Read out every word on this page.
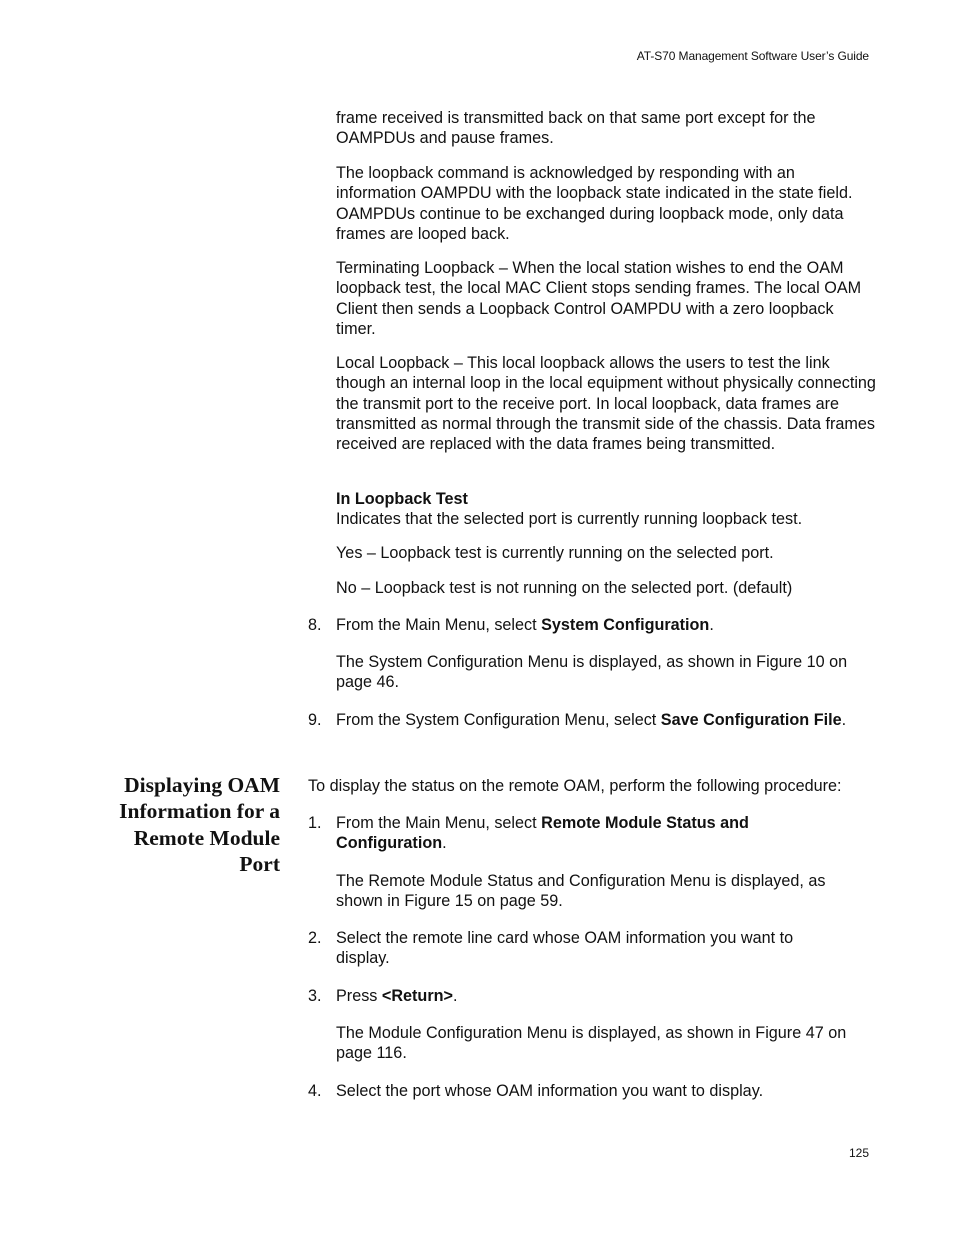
AT-S70 Management Software User’s Guide

frame received is transmitted back on that same port except for the OAMPDUs and pause frames.

The loopback command is acknowledged by responding with an information OAMPDU with the loopback state indicated in the state field. OAMPDUs continue to be exchanged during loopback mode, only data frames are looped back.

Terminating Loopback – When the local station wishes to end the OAM loopback test, the local MAC Client stops sending frames. The local OAM Client then sends a Loopback Control OAMPDU with a zero loopback timer.

Local Loopback – This local loopback allows the users to test the link though an internal loop in the local equipment without physically connecting the transmit port to the receive port. In local loopback, data frames are transmitted as normal through the transmit side of the chassis. Data frames received are replaced with the data frames being transmitted.

In Loopback Test

Indicates that the selected port is currently running loopback test.

Yes – Loopback test is currently running on the selected port.

No – Loopback test is not running on the selected port. (default)

8. From the Main Menu, select System Configuration.

The System Configuration Menu is displayed, as shown in Figure 10 on page 46.

9. From the System Configuration Menu, select Save Configuration File.
Displaying OAM
Information for a
Remote Module
Port
To display the status on the remote OAM, perform the following procedure:
1. From the Main Menu, select Remote Module Status and Configuration.

The Remote Module Status and Configuration Menu is displayed, as shown in Figure 15 on page 59.

2. Select the remote line card whose OAM information you want to display.
3. Press <Return>.

The Module Configuration Menu is displayed, as shown in Figure 47 on page 116.

4. Select the port whose OAM information you want to display.
125
